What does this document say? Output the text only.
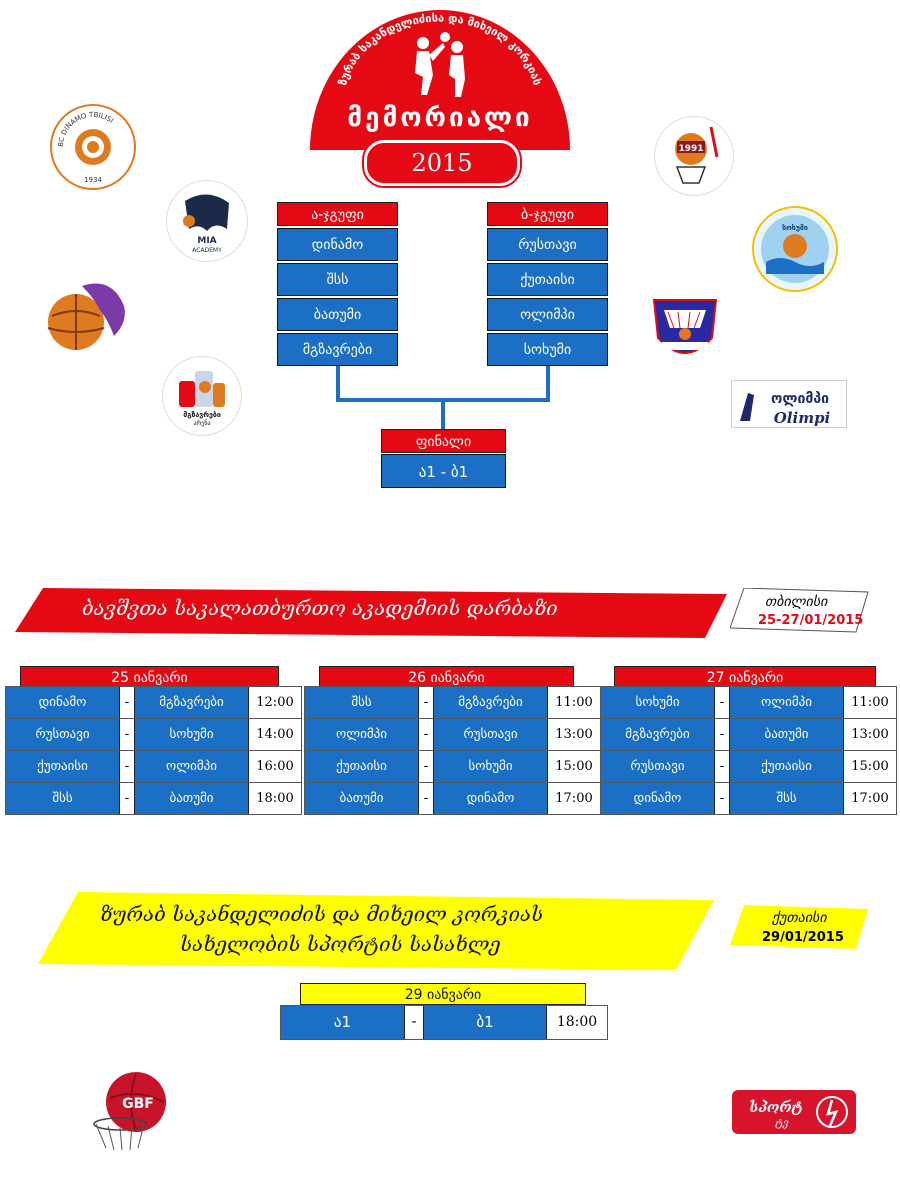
ზურაბ საკანდელიძისა და მიხეილ კორკიას
მემორიალი
2015
ა-ჯგუფი
დინამო
შსს
ბათუმი
მგზავრები
ბ-ჯგუფი
რუსთავი
ქუთაისი
ოლიმპი
სოხუმი
ფინალი
ა1 - ბ1
BC DINAMO TBILISI
1934
MIA
ACADEMY
მგზავრები
არენა
1991
სოხუმი
ოლიმპი
Olimpi
ბავშვთა საკალათბურთო აკადემიის დარბაზი	თბილისი
25-27/01/2015
25 იანვარი
დინამო	-	მგზავრები	12:00
რუსთავი	-	სოხუმი	14:00
ქუთაისი	-	ოლიმპი	16:00
შსს	-	ბათუმი	18:00
26 იანვარი
შსს	-	მგზავრები	11:00
ოლიმპი	-	რუსთავი	13:00
ქუთაისი	-	სოხუმი	15:00
ბათუმი	-	დინამო	17:00
27 იანვარი
სოხუმი	-	ოლიმპი	11:00
მგზავრები	-	ბათუმი	13:00
რუსთავი	-	ქუთაისი	15:00
დინამო	-	შსს	17:00
ზურაბ საკანდელიძის და მიხეილ კორკიას
სახელობის სპორტის სასახლე
ქუთაისი
29/01/2015
29 იანვარი
ა1	-	ბ1	18:00
GBF	სპორტ
ტვ
